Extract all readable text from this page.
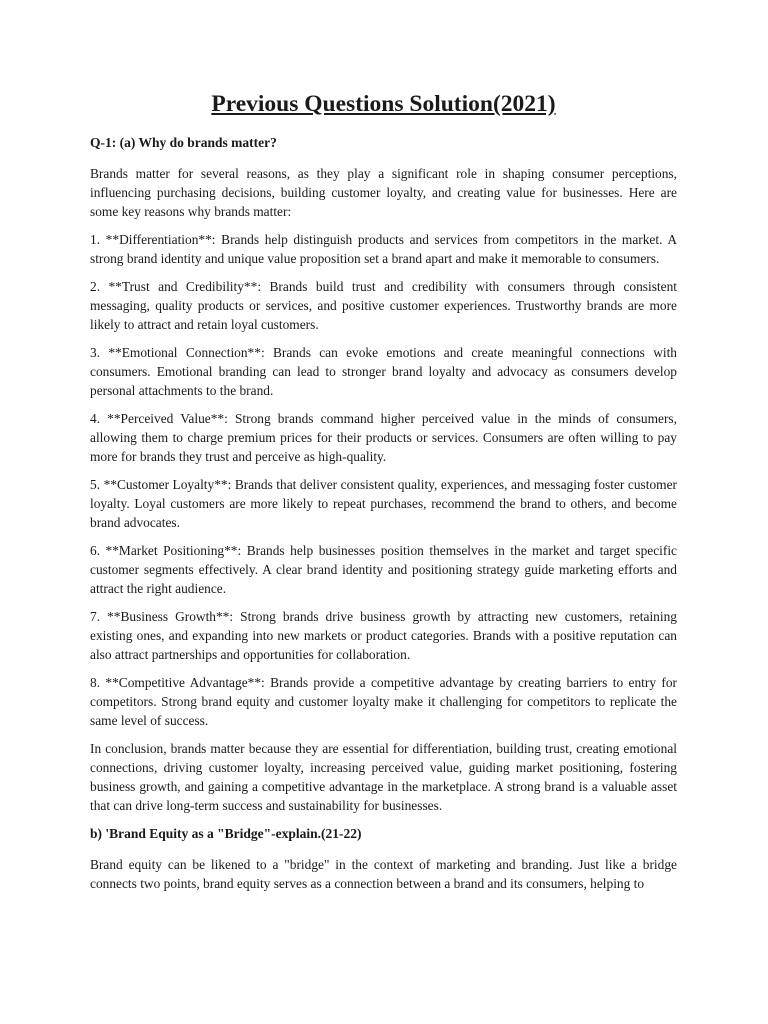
Previous Questions Solution(2021)
Q-1: (a) Why do brands matter?
Brands matter for several reasons, as they play a significant role in shaping consumer perceptions, influencing purchasing decisions, building customer loyalty, and creating value for businesses. Here are some key reasons why brands matter:
1. **Differentiation**: Brands help distinguish products and services from competitors in the market. A strong brand identity and unique value proposition set a brand apart and make it memorable to consumers.
2. **Trust and Credibility**: Brands build trust and credibility with consumers through consistent messaging, quality products or services, and positive customer experiences. Trustworthy brands are more likely to attract and retain loyal customers.
3. **Emotional Connection**: Brands can evoke emotions and create meaningful connections with consumers. Emotional branding can lead to stronger brand loyalty and advocacy as consumers develop personal attachments to the brand.
4. **Perceived Value**: Strong brands command higher perceived value in the minds of consumers, allowing them to charge premium prices for their products or services. Consumers are often willing to pay more for brands they trust and perceive as high-quality.
5. **Customer Loyalty**: Brands that deliver consistent quality, experiences, and messaging foster customer loyalty. Loyal customers are more likely to repeat purchases, recommend the brand to others, and become brand advocates.
6. **Market Positioning**: Brands help businesses position themselves in the market and target specific customer segments effectively. A clear brand identity and positioning strategy guide marketing efforts and attract the right audience.
7. **Business Growth**: Strong brands drive business growth by attracting new customers, retaining existing ones, and expanding into new markets or product categories. Brands with a positive reputation can also attract partnerships and opportunities for collaboration.
8. **Competitive Advantage**: Brands provide a competitive advantage by creating barriers to entry for competitors. Strong brand equity and customer loyalty make it challenging for competitors to replicate the same level of success.
In conclusion, brands matter because they are essential for differentiation, building trust, creating emotional connections, driving customer loyalty, increasing perceived value, guiding market positioning, fostering business growth, and gaining a competitive advantage in the marketplace. A strong brand is a valuable asset that can drive long-term success and sustainability for businesses.
b) 'Brand Equity as a "Bridge"-explain.(21-22)
Brand equity can be likened to a "bridge" in the context of marketing and branding. Just like a bridge connects two points, brand equity serves as a connection between a brand and its consumers, helping to
